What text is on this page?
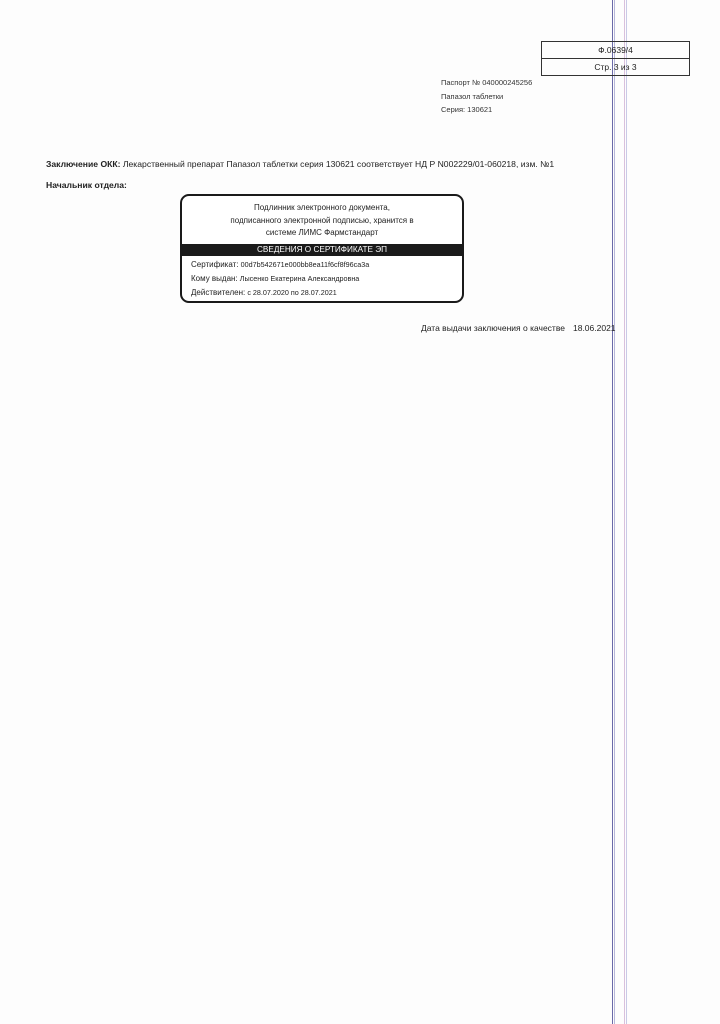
Ф.0639/4
Стр. 3 из 3
Паспорт № 040000245256
Папазол таблетки
Серия: 130621
Заключение ОКК: Лекарственный препарат Папазол таблетки серия 130621 соответствует НД Р N002229/01-060218, изм. №1
Начальник отдела:
Подлинник электронного документа,
подписанного электронной подписью, хранится в
системе ЛИМС Фармстандарт
СВЕДЕНИЯ О СЕРТИФИКАТЕ ЭП
Сертификат: 00d7b542671e000bb8ea11f6cf8f96ca3a
Кому выдан: Лысенко Екатерина Александровна
Действителен: с 28.07.2020 по 28.07.2021
Дата выдачи заключения о качестве 18.06.2021
